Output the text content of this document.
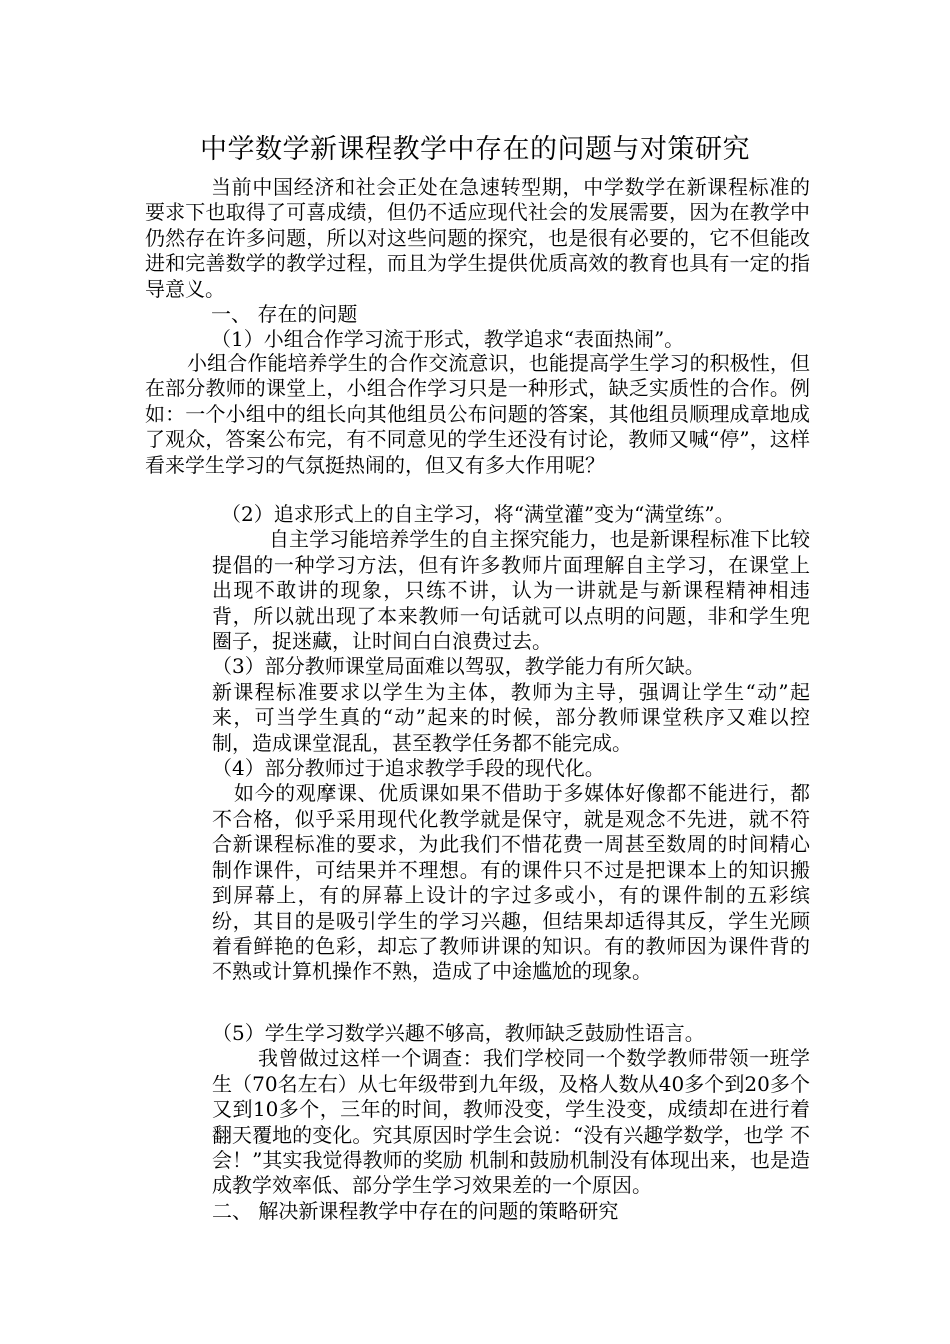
中学数学新课程教学中存在的问题与对策研究

当前中国经济和社会正处在急速转型期，中学数学在新课程标准的要求下也取得了可喜成绩，但仍不适应现代社会的发展需要，因为在教学中仍然存在许多问题，所以对这些问题的探究，也是很有必要的，它不但能改进和完善数学的教学过程，而且为学生提供优质高效的教育也具有一定的指导意义。

一、 存在的问题

（1）小组合作学习流于形式，教学追求“表面热闹”。

小组合作能培养学生的合作交流意识，也能提高学生学习的积极性，但在部分教师的课堂上，小组合作学习只是一种形式，缺乏实质性的合作。例如：一个小组中的组长向其他组员公布问题的答案，其他组员顺理成章地成了观众，答案公布完，有不同意见的学生还没有讨论，教师又喊“停”，这样看来学生学习的气氛挺热闹的，但又有多大作用呢？

（2）追求形式上的自主学习，将“满堂灌”变为“满堂练”。

自主学习能培养学生的自主探究能力，也是新课程标准下比较提倡的一种学习方法，但有许多教师片面理解自主学习，在课堂上出现不敢讲的现象，只练不讲，认为一讲就是与新课程精神相违背，所以就出现了本来教师一句话就可以点明的问题，非和学生兜圈子，捉迷藏，让时间白白浪费过去。

（3）部分教师课堂局面难以驾驭，教学能力有所欠缺。

新课程标准要求以学生为主体，教师为主导，强调让学生“动”起来，可当学生真的“动”起来的时候，部分教师课堂秩序又难以控制，造成课堂混乱，甚至教学任务都不能完成。

（4）部分教师过于追求教学手段的现代化。

如今的观摩课、优质课如果不借助于多媒体好像都不能进行，都不合格，似乎采用现代化教学就是保守，就是观念不先进，就不符合新课程标准的要求，为此我们不惜花费一周甚至数周的时间精心制作课件，可结果并不理想。有的课件只不过是把课本上的知识搬到屏幕上，有的屏幕上设计的字过多或小，有的课件制的五彩缤纷，其目的是吸引学生的学习兴趣，但结果却适得其反，学生光顾着看鲜艳的色彩，却忘了教师讲课的知识。有的教师因为课件背的不熟或计算机操作不熟，造成了中途尴尬的现象。

（5）学生学习数学兴趣不够高，教师缺乏鼓励性语言。

我曾做过这样一个调查：我们学校同一个数学教师带领一班学生（70名左右）从七年级带到九年级，及格人数从40多个到20多个又到10多个，三年的时间，教师没变，学生没变，成绩却在进行着翻天覆地的变化。究其原因时学生会说：“没有兴趣学数学，也学 不会！”其实我觉得教师的奖励 机制和鼓励机制没有体现出来，也是造成教学效率低、部分学生学习效果差的一个原因。

二、 解决新课程教学中存在的问题的策略研究
